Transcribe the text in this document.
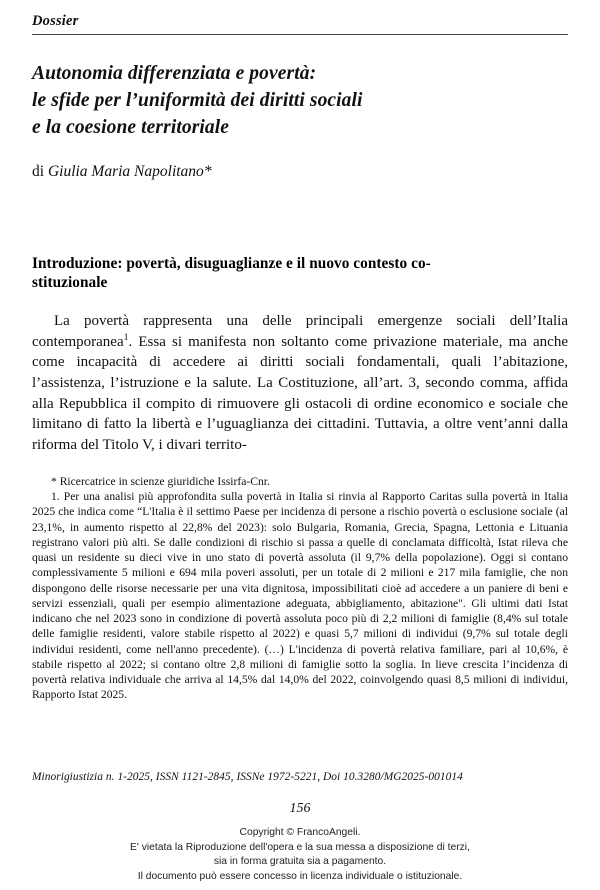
Dossier
Autonomia differenziata e povertà:
le sfide per l’uniformità dei diritti sociali
e la coesione territoriale
di Giulia Maria Napolitano*
Introduzione: povertà, disuguaglianze e il nuovo contesto co-
stituzionale

La povertà rappresenta una delle principali emergenze sociali dell’Italia contemporanea$^1$. Essa si manifesta non soltanto come privazione materiale, ma anche come incapacità di accedere ai diritti sociali fondamentali, quali l’abitazione, l’assistenza, l’istruzione e la salute. La Costituzione, all’art. 3, secondo comma, affida alla Repubblica il compito di rimuovere gli ostacoli di ordine economico e sociale che limitano di fatto la libertà e l’uguaglianza dei cittadini. Tuttavia, a oltre vent’anni dalla riforma del Titolo V, i divari territo-

* Ricercatrice in scienze giuridiche Issirfa-Cnr.

1. Per una analisi più approfondita sulla povertà in Italia si rinvia al Rapporto Caritas sulla povertà in Italia 2025 che indica come “L'Italia è il settimo Paese per incidenza di persone a rischio povertà o esclusione sociale (al 23,1%, in aumento rispetto al 22,8% del 2023): solo Bulgaria, Romania, Grecia, Spagna, Lettonia e Lituania registrano valori più alti. Se dalle condizioni di rischio si passa a quelle di conclamata difficoltà, Istat rileva che quasi un residente su dieci vive in uno stato di povertà assoluta (il 9,7% della popolazione). Oggi si contano complessivamente 5 milioni e 694 mila poveri assoluti, per un totale di 2 milioni e 217 mila famiglie, che non dispongono delle risorse necessarie per una vita dignitosa, impossibilitati cioè ad accedere a un paniere di beni e servizi essenziali, quali per esempio alimentazione adeguata, abbigliamento, abitazione". Gli ultimi dati Istat indicano che nel 2023 sono in condizione di povertà assoluta poco più di 2,2 milioni di famiglie (8,4% sul totale delle famiglie residenti, valore stabile rispetto al 2022) e quasi 5,7 milioni di individui (9,7% sul totale degli individui residenti, come nell'anno precedente). (…) L'incidenza di povertà relativa familiare, pari al 10,6%, è stabile rispetto al 2022; si contano oltre 2,8 milioni di famiglie sotto la soglia. In lieve crescita l’incidenza di povertà relativa individuale che arriva al 14,5% dal 14,0% del 2022, coinvolgendo quasi 8,5 milioni di individui, Rapporto Istat 2025.

Minorigiustizia n. 1-2025, ISSN 1121-2845, ISSNe 1972-5221, Doi 10.3280/MG2025-001014
156
Copyright © FrancoAngeli.
E' vietata la Riproduzione dell'opera e la sua messa a disposizione di terzi,
sia in forma gratuita sia a pagamento.
Il documento può essere concesso in licenza individuale o istituzionale.
